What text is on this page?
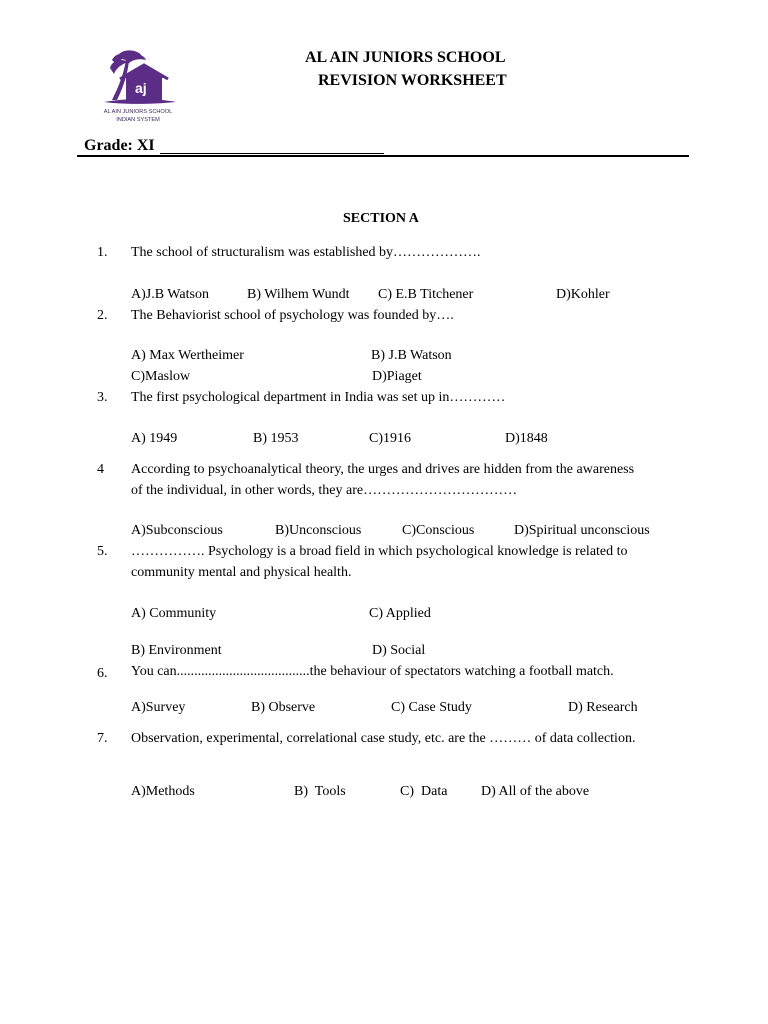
aj
AL AIN JUNIORS SCHOOL
INDIAN SYSTEM
AL AIN JUNIORS SCHOOL
REVISION WORKSHEET
Grade: XI
SECTION A
1. The school of structuralism was established by……………….
A)J.B Watson	B) Wilhem Wundt C) E.B Titchener	D)Kohler
2. The Behaviorist school of psychology was founded by….
A) Max Wertheimer	B) J.B Watson
C)Maslow	D)Piaget
3. The first psychological department in India was set up in…………
A) 1949	B) 1953	C)1916	D)1848
4 According to psychoanalytical theory, the urges and drives are hidden from the awareness
of the individual, in other words, they are……………………………
A)Subconscious	B)Unconscious	C)Conscious	D)Spiritual unconscious
5. ……………. Psychology is a broad field in which psychological knowledge is related to
community mental and physical health.
A) Community	C) Applied
B) Environment	D) Social
6. You can......................................the behaviour of spectators watching a football match.
A)Survey	B) Observe	C) Case Study	D) Research
7. Observation, experimental, correlational case study, etc. are the ……… of data collection.
A)Methods	B)  Tools	C)  Data D) All of the above
